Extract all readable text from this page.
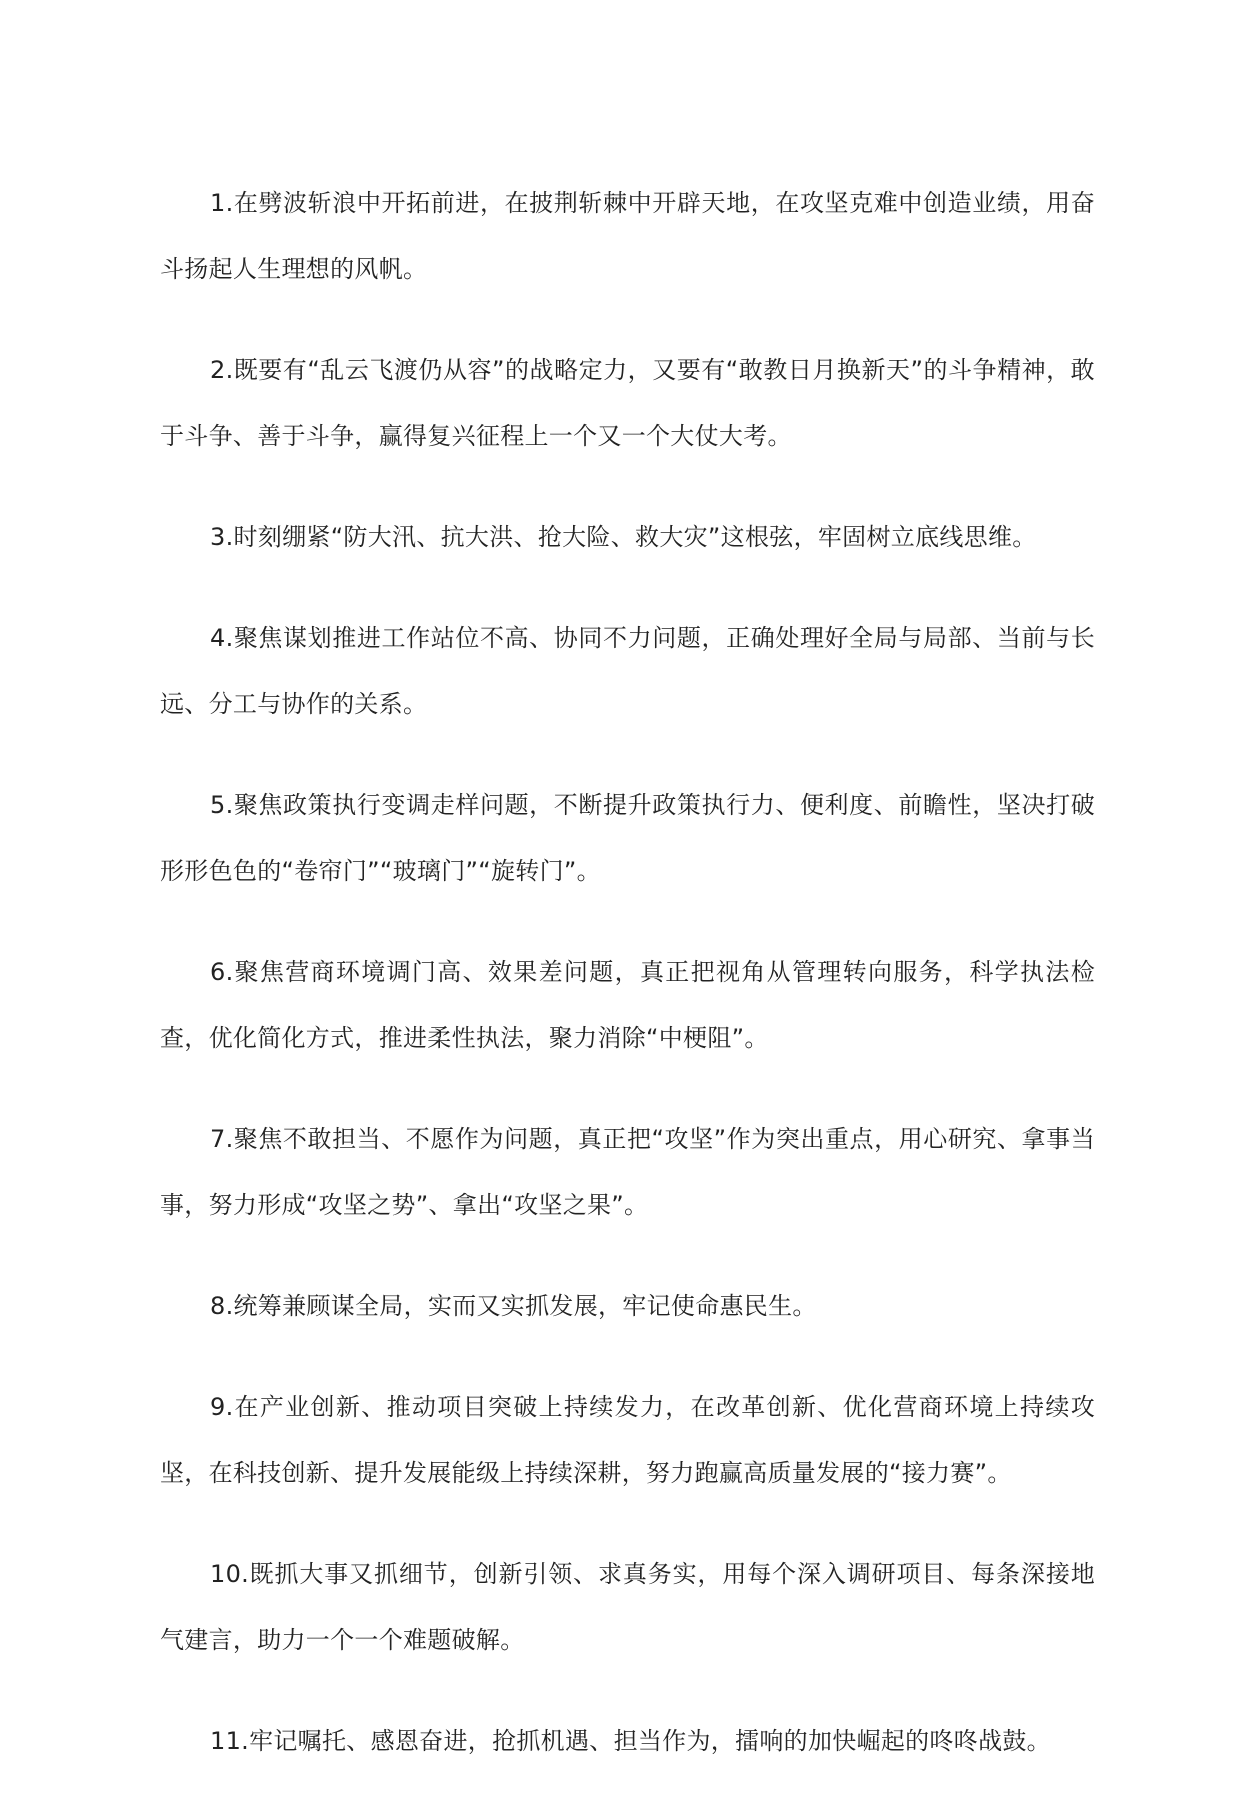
1.在劈波斩浪中开拓前进，在披荆斩棘中开辟天地，在攻坚克难中创造业绩，用奋斗扬起人生理想的风帆。

2.既要有“乱云飞渡仍从容”的战略定力，又要有“敢教日月换新天”的斗争精神，敢于斗争、善于斗争，赢得复兴征程上一个又一个大仗大考。

3.时刻绷紧“防大汛、抗大洪、抢大险、救大灾”这根弦，牢固树立底线思维。

4.聚焦谋划推进工作站位不高、协同不力问题，正确处理好全局与局部、当前与长远、分工与协作的关系。

5.聚焦政策执行变调走样问题，不断提升政策执行力、便利度、前瞻性，坚决打破形形色色的“卷帘门”“玻璃门”“旋转门”。

6.聚焦营商环境调门高、效果差问题，真正把视角从管理转向服务，科学执法检查，优化简化方式，推进柔性执法，聚力消除“中梗阻”。

7.聚焦不敢担当、不愿作为问题，真正把“攻坚”作为突出重点，用心研究、拿事当事，努力形成“攻坚之势”、拿出“攻坚之果”。

8.统筹兼顾谋全局，实而又实抓发展，牢记使命惠民生。

9.在产业创新、推动项目突破上持续发力，在改革创新、优化营商环境上持续攻坚，在科技创新、提升发展能级上持续深耕，努力跑赢高质量发展的“接力赛”。

10.既抓大事又抓细节，创新引领、求真务实，用每个深入调研项目、每条深接地气建言，助力一个一个难题破解。

11.牢记嘱托、感恩奋进，抢抓机遇、担当作为，擂响的加快崛起的咚咚战鼓。
